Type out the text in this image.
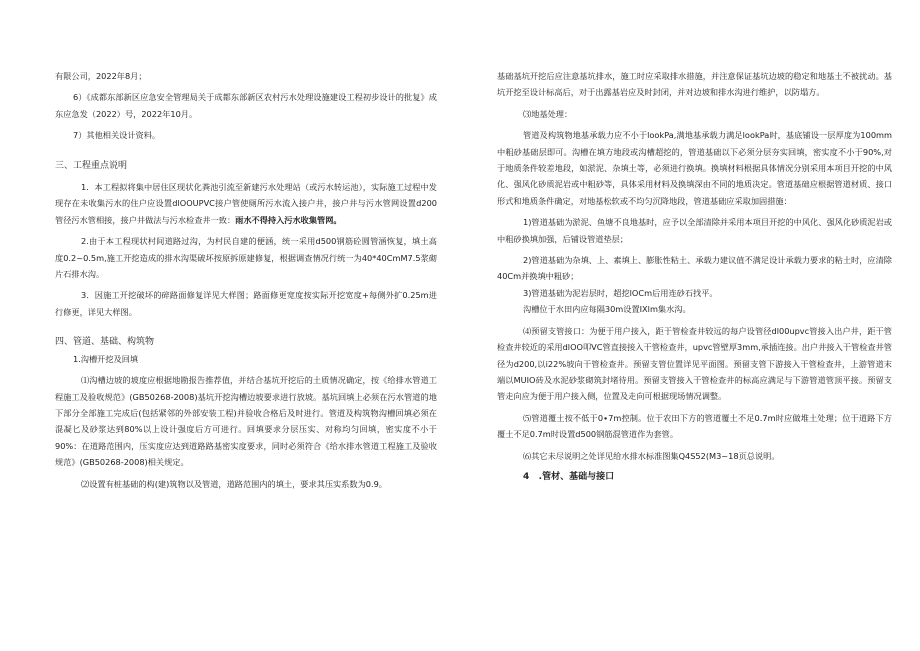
有限公司，2022年8月；

6）《成都东部新区应急安全管理局关于成都东部新区农村污水处理设施建设工程初步设计的批复》成东应急发（2022）号，2022年10月。

7）其他相关设计资料。

三、工程重点说明

1．本工程拟将集中居住区现状化粪池引流至新建污水处理站（或污水转运池），实际施工过程中发现存在未收集污水的住户应设置dlOOUPVC接户管使厕所污水流入接户井，接户井与污水管网设置d200管径污水管相接，接户井做法与污水检查井一致：雨水不得持入污水收集管网。

2.由于本工程现状村间道路过沟，为村民自建的便涵，统一采用d500钢筋砼圆管涵恢复，填土高度0.2~0.5m,施工开挖造成的排水沟渠破坏按原拆原建修复，根据调查情况行统一为40*40CmM7.5浆砌片石排水沟。

3．因施工开挖破坏的碎路面修复详见大样图；路面修更宽度按实际开挖宽度+每侧外扩0.25m进行修更，详见大样图。

四、管道、基础、构筑物

1.沟槽开挖及回填

⑴沟槽边坡的坡度应根据地勘报告推荐值，并结合基坑开挖后的土质情况确定，按《给排水管道工程施工及验收规范》(GB50268-2008)基坑开挖沟槽边坡要求进行放坡。基坑回填上必须在污水管道的地下部分全部施工完成后(包括紧邻的外部安装工程)并验收合格后及时进行。管道及构筑物沟槽回填必须在混凝匕及砂浆达到80%以上设计强度后方可进行。回填要求分层压实、对称均匀回填，密实度不小于90%：在道路范围内，压实度应达到道路路基密实度要求，同时必须符合《给水排水管道工程施工及验收规范》(GB50268-2008)相关规定。

⑵设置有桩基础的构(建)筑物以及管道，道路范围内的填土，要求其压实系数为0.9。

基础基坑开挖后应注意基坑排水，施工时应采取排水措施，并注意保证基坑边坡的稳定和地基土不被扰动。基坑开挖至设计标高后，对于出露基岩应及时封闭，并对边坡和排水沟进行维护，以防塌方。

⑶地基处理：

管道及构筑物地基承载力应不小于lookPa,满地基承载力满足lookPa时，基底铺设一层厚度为100mm中粗砂基础层即可。沟槽在填方地段或沟槽超挖的，管道基础以下必须分层夯实回填，密实度不小于90%,对于地质条件较差地段，如淤泥、杂填土等，必须进行换填。换填材料根据具体情况分别采用本项目开挖的中风化、强风化砂质泥岩或中粗砂等，具体采用材料及换填深由不同的地质决定。管道基础应根据管道材质、接口形式和地质条件确定，对地基松软或不均匀沉降地段，管道基础应采取加固措施：

1)管道基础为淤泥、鱼塘不良地基时，应予以全部清除并采用本项目开挖的中风化、强风化砂质泥岩或中粗砂换填加强，后铺设管道垫层；

2)管道基础为杂填、上、素填上、膨胀性粘土、承载力建议值不满足设计承载力要求的粘土时，应清除40Cm并换填中粗砂；

3)管道基础为泥岩层时，超挖lOCm后用连砂石找平。

沟槽位于水田内应每隔30m设置IXlm集水沟。

⑷预留支管接口：为便于用户接入，距于管检查井较远的每户设管径dl00upvc管接入出户井，距干管检查井较近的采用dlOO叩VC管直接接入干管检查井，upvc管壁厚3mm,承插连接。出户井接入干管检查井管径为d200,以i22%坡向干管检查井。预留支管位置详见平面图。预留支管下游接入干管检查井，上游管道末端以MUIO砖及水泥砂浆砌筑封堵待用。预留支管接入干管检查井的标高应满足与下游管道管顶平接。预留支管走向应为便于用户接入侧，位置及走向可根据现场情况调整。

⑸管道覆土按不低于0∙7m控制。位于农田下方的管道覆土不足0.7m时应做堆土处理；位于道路下方覆土不足0.7m时设置d500钢筋混管道作为套管。

⑹其它未尽说明之处详见给水排水标准图集Q4S52(M3~18页总说明。

4 .管材、基础与接口
